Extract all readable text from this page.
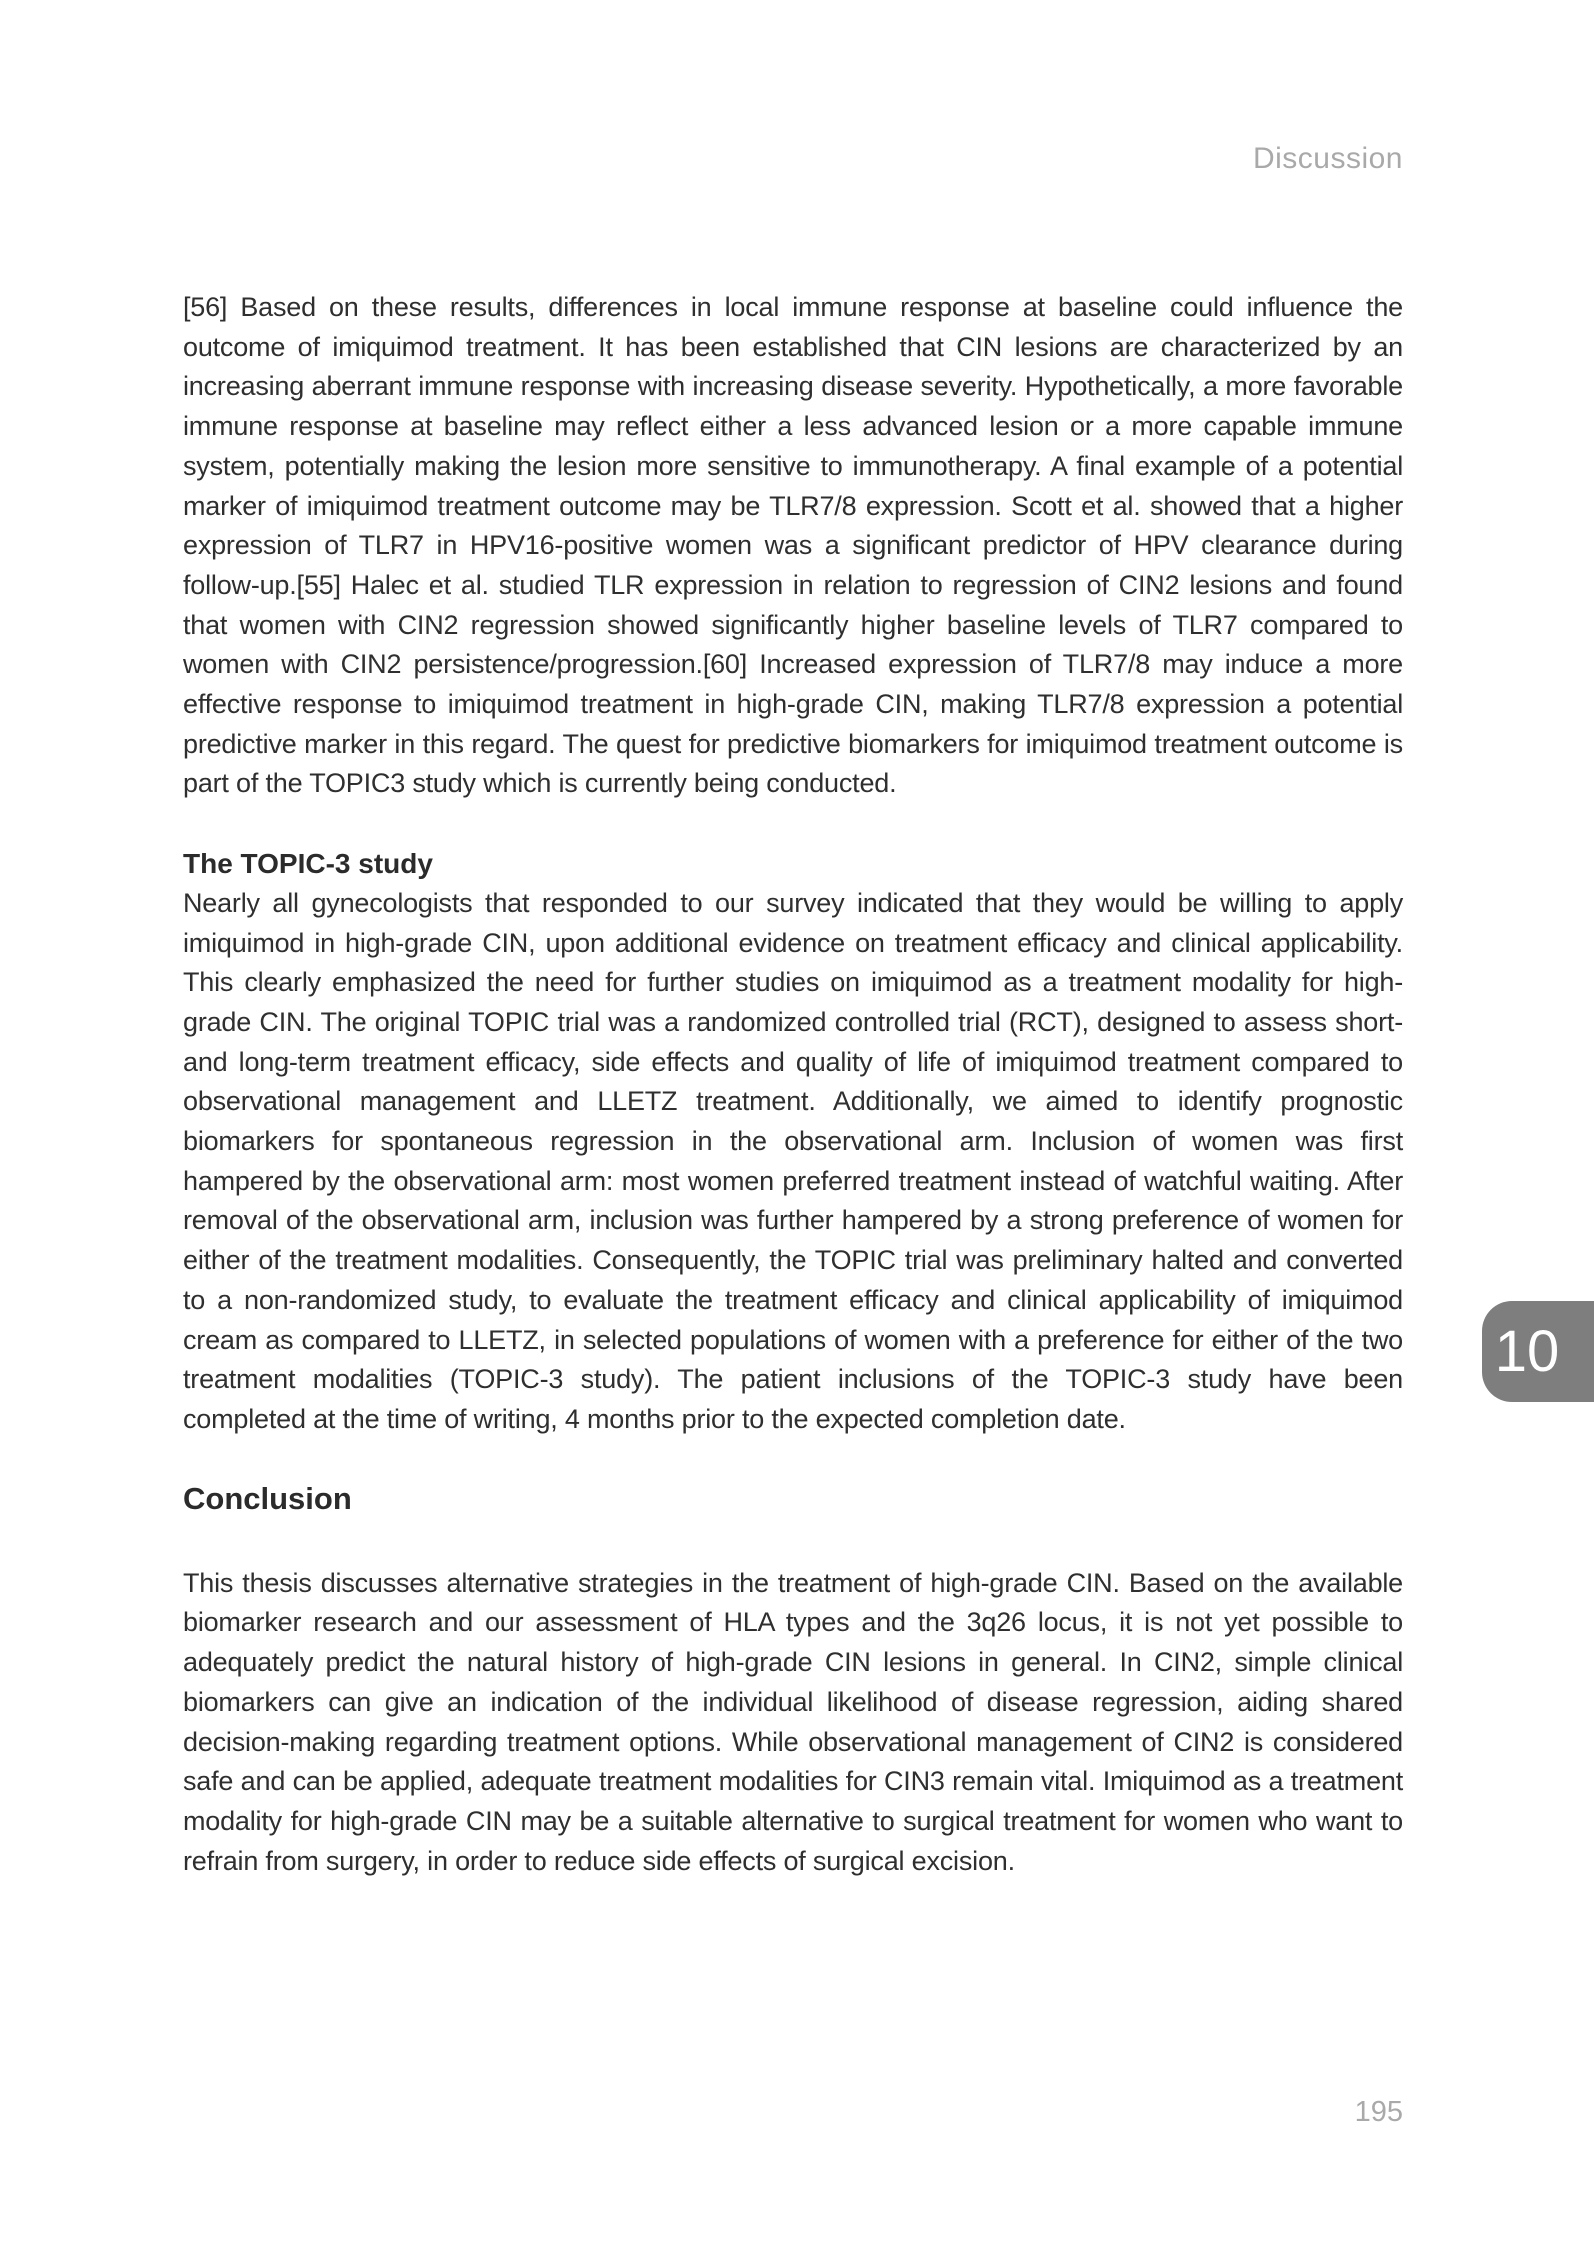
Discussion

[56] Based on these results, differences in local immune response at baseline could influence the outcome of imiquimod treatment. It has been established that CIN lesions are characterized by an increasing aberrant immune response with increasing disease severity. Hypothetically, a more favorable immune response at baseline may reflect either a less advanced lesion or a more capable immune system, potentially making the lesion more sensitive to immunotherapy. A final example of a potential marker of imiquimod treatment outcome may be TLR7/8 expression. Scott et al. showed that a higher expression of TLR7 in HPV16-positive women was a significant predictor of HPV clearance during follow-up.[55] Halec et al. studied TLR expression in relation to regression of CIN2 lesions and found that women with CIN2 regression showed significantly higher baseline levels of TLR7 compared to women with CIN2 persistence/progression.[60] Increased expression of TLR7/8 may induce a more effective response to imiquimod treatment in high-grade CIN, making TLR7/8 expression a potential predictive marker in this regard. The quest for predictive biomarkers for imiquimod treatment outcome is part of the TOPIC3 study which is currently being conducted.

The TOPIC-3 study

Nearly all gynecologists that responded to our survey indicated that they would be willing to apply imiquimod in high-grade CIN, upon additional evidence on treatment efficacy and clinical applicability. This clearly emphasized the need for further studies on imiquimod as a treatment modality for high-grade CIN. The original TOPIC trial was a randomized controlled trial (RCT), designed to assess short- and long-term treatment efficacy, side effects and quality of life of imiquimod treatment compared to observational management and LLETZ treatment. Additionally, we aimed to identify prognostic biomarkers for spontaneous regression in the observational arm. Inclusion of women was first hampered by the observational arm: most women preferred treatment instead of watchful waiting. After removal of the observational arm, inclusion was further hampered by a strong preference of women for either of the treatment modalities. Consequently, the TOPIC trial was preliminary halted and converted to a non-randomized study, to evaluate the treatment efficacy and clinical applicability of imiquimod cream as compared to LLETZ, in selected populations of women with a preference for either of the two treatment modalities (TOPIC-3 study). The patient inclusions of the TOPIC-3 study have been completed at the time of writing, 4 months prior to the expected completion date.

Conclusion

This thesis discusses alternative strategies in the treatment of high-grade CIN. Based on the available biomarker research and our assessment of HLA types and the 3q26 locus, it is not yet possible to adequately predict the natural history of high-grade CIN lesions in general. In CIN2, simple clinical biomarkers can give an indication of the individual likelihood of disease regression, aiding shared decision-making regarding treatment options. While observational management of CIN2 is considered safe and can be applied, adequate treatment modalities for CIN3 remain vital. Imiquimod as a treatment modality for high-grade CIN may be a suitable alternative to surgical treatment for women who want to refrain from surgery, in order to reduce side effects of surgical excision.

10
195
